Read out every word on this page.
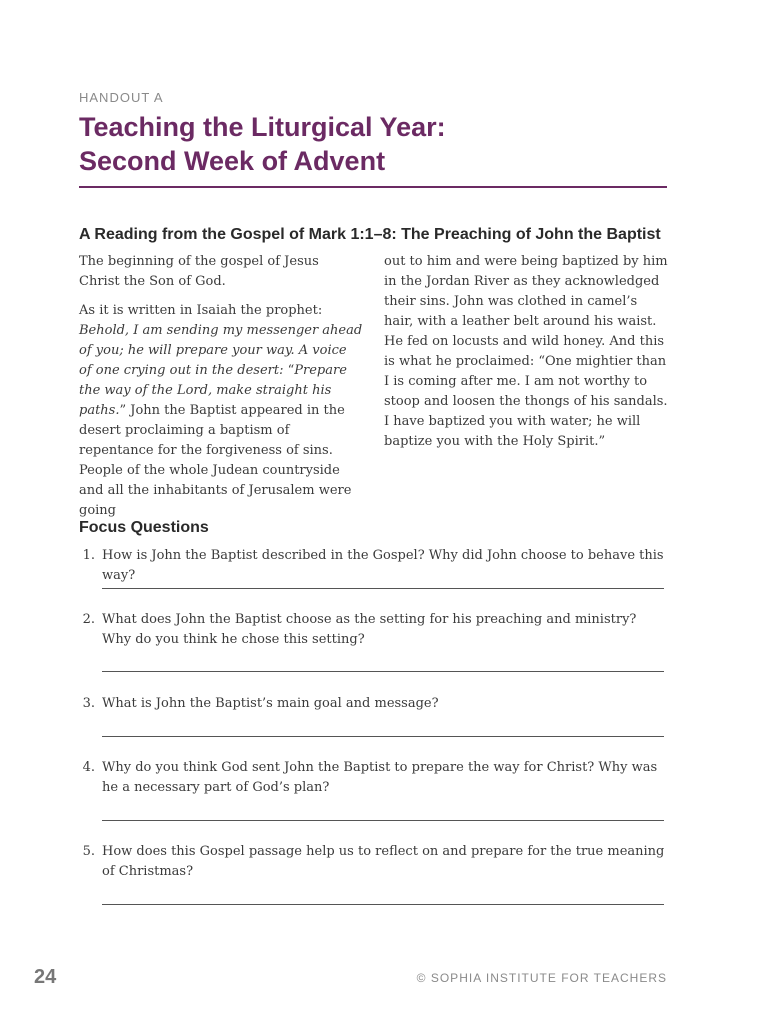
HANDOUT A
Teaching the Liturgical Year:
Second Week of Advent
A Reading from the Gospel of Mark 1:1–8: The Preaching of John the Baptist

The beginning of the gospel of Jesus Christ the Son of God.

As it is written in Isaiah the prophet: Behold, I am sending my messenger ahead of you; he will prepare your way. A voice of one crying out in the desert: “Prepare the way of the Lord, make straight his paths.” John the Baptist appeared in the desert proclaiming a baptism of repentance for the forgiveness of sins. People of the whole Judean countryside and all the inhabitants of Jerusalem were going

out to him and were being baptized by him in the Jordan River as they acknowledged their sins. John was clothed in camel’s hair, with a leather belt around his waist. He fed on locusts and wild honey. And this is what he proclaimed: “One mightier than I is coming after me. I am not worthy to stoop and loosen the thongs of his sandals. I have baptized you with water; he will baptize you with the Holy Spirit.”

Focus Questions
1. How is John the Baptist described in the Gospel? Why did John choose to behave this way?
2. What does John the Baptist choose as the setting for his preaching and ministry? Why do you think he chose this setting?
3. What is John the Baptist’s main goal and message?
4. Why do you think God sent John the Baptist to prepare the way for Christ? Why was he a necessary part of God’s plan?
5. How does this Gospel passage help us to reflect on and prepare for the true meaning of Christmas?
24	© SOPHIA INSTITUTE FOR TEACHERS
